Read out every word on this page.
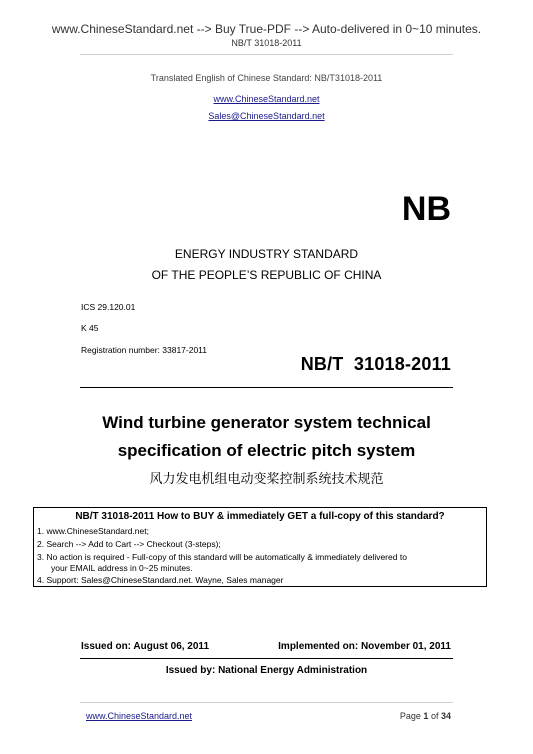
www.ChineseStandard.net --> Buy True-PDF --> Auto-delivered in 0~10 minutes.
NB/T 31018-2011
Translated English of Chinese Standard: NB/T31018-2011
www.ChineseStandard.net
Sales@ChineseStandard.net
NB
ENERGY INDUSTRY STANDARD
OF THE PEOPLE’S REPUBLIC OF CHINA
ICS 29.120.01
K 45
Registration number: 33817-2011
NB/T  31018-2011
Wind turbine generator system technical
specification of electric pitch system
风力发电机组电动变桨控制系统技术规范
NB/T 31018-2011 How to BUY & immediately GET a full-copy of this standard?
1. www.ChineseStandard.net;
2. Search --> Add to Cart --> Checkout (3-steps);
3. No action is required - Full-copy of this standard will be automatically & immediately delivered to
your EMAIL address in 0~25 minutes.
4. Support: Sales@ChineseStandard.net. Wayne, Sales manager
Issued on: August 06, 2011	Implemented on: November 01, 2011
Issued by: National Energy Administration
www.ChineseStandard.net	Page 1 of 34
